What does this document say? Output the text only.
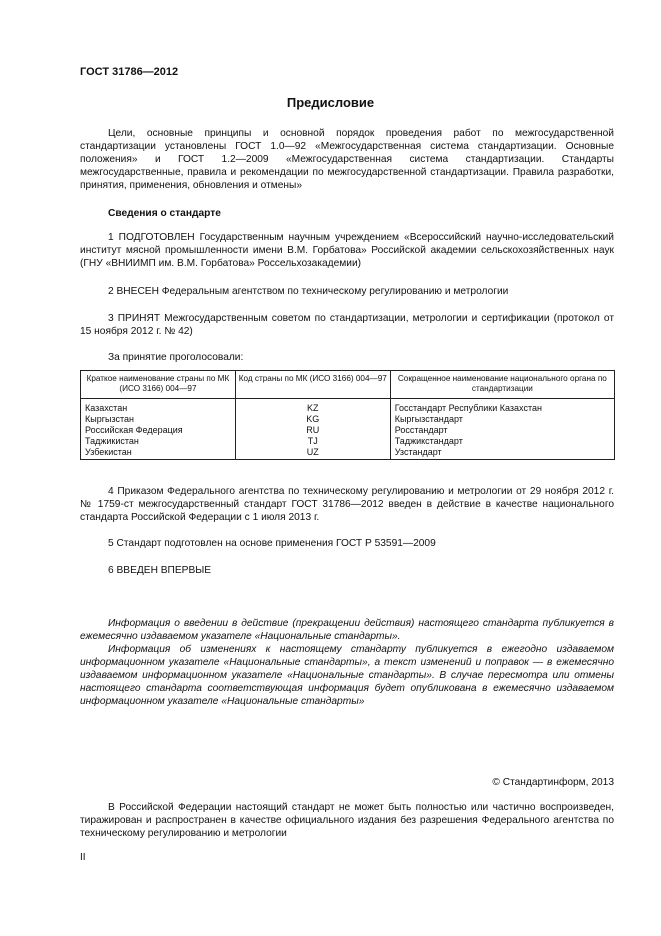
ГОСТ 31786—2012
Предисловие

Цели, основные принципы и основной порядок проведения работ по межгосударственной стандартизации установлены ГОСТ 1.0—92 «Межгосударственная система стандартизации. Основные положения» и ГОСТ 1.2—2009 «Межгосударственная система стандартизации. Стандарты межгосударственные, правила и рекомендации по межгосударственной стандартизации. Правила разработки, принятия, применения, обновления и отмены»

Сведения о стандарте

1 ПОДГОТОВЛЕН Государственным научным учреждением «Всероссийский научно-исследовательский институт мясной промышленности имени В.М. Горбатова» Российской академии сельскохозяйственных наук (ГНУ «ВНИИМП им. В.М. Горбатова» Россельхозакадемии)

2 ВНЕСЕН Федеральным агентством по техническому регулированию и метрологии

3 ПРИНЯТ Межгосударственным советом по стандартизации, метрологии и сертификации (протокол от 15 ноября 2012 г. № 42)

За принятие проголосовали:

Краткое наименование страны по МК (ИСО 3166) 004—97	Код страны по МК (ИСО 3166) 004—97	Сокращенное наименование национального органа по стандартизации
Казахстан	KZ	Госстандарт Республики Казахстан
Кыргызстан	KG	Кыргызстандарт
Российская Федерация	RU	Росстандарт
Таджикистан	TJ	Таджикстандарт
Узбекистан	UZ	Узстандарт

4 Приказом Федерального агентства по техническому регулированию и метрологии от 29 ноября 2012 г. № 1759-ст межгосударственный стандарт ГОСТ 31786—2012 введен в действие в качестве национального стандарта Российской Федерации с 1 июля 2013 г.

5 Стандарт подготовлен на основе применения ГОСТ Р 53591—2009

6 ВВЕДЕН ВПЕРВЫЕ

Информация о введении в действие (прекращении действия) настоящего стандарта публикуется в ежемесячно издаваемом указателе «Национальные стандарты».

Информация об изменениях к настоящему стандарту публикуется в ежегодно издаваемом информационном указателе «Национальные стандарты», а текст изменений и поправок — в ежемесячно издаваемом информационном указателе «Национальные стандарты». В случае пересмотра или отмены настоящего стандарта соответствующая информация будет опубликована в ежемесячно издаваемом информационном указателе «Национальные стандарты»

© Стандартинформ, 2013

В Российской Федерации настоящий стандарт не может быть полностью или частично воспроизведен, тиражирован и распространен в качестве официального издания без разрешения Федерального агентства по техническому регулированию и метрологии

II
